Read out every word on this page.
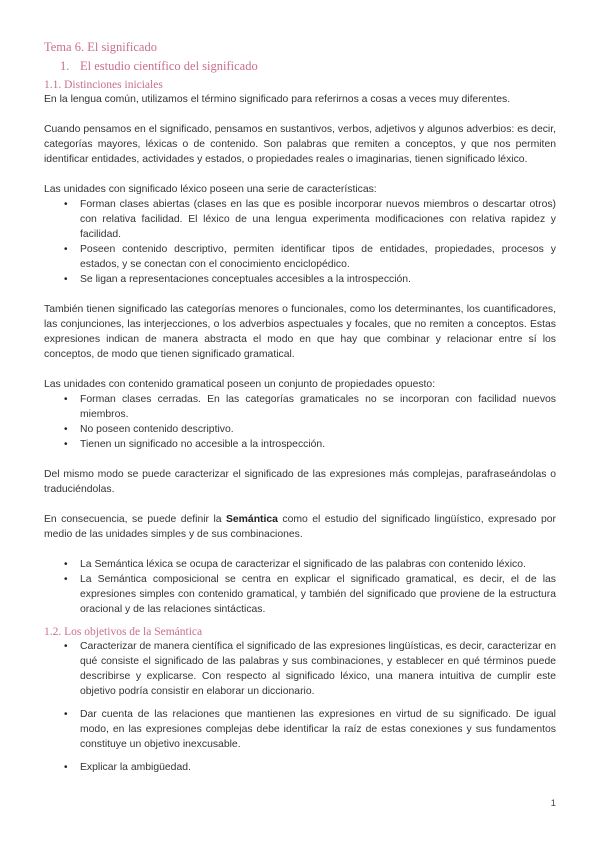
Tema 6. El significado
1. El estudio científico del significado
1.1. Distinciones iniciales

En la lengua común, utilizamos el término significado para referirnos a cosas a veces muy diferentes.

Cuando pensamos en el significado, pensamos en sustantivos, verbos, adjetivos y algunos adverbios: es decir, categorías mayores, léxicas o de contenido. Son palabras que remiten a conceptos, y que nos permiten identificar entidades, actividades y estados, o propiedades reales o imaginarias, tienen significado léxico.

Las unidades con significado léxico poseen una serie de características:

• Forman clases abiertas (clases en las que es posible incorporar nuevos miembros o descartar otros) con relativa facilidad. El léxico de una lengua experimenta modificaciones con relativa rapidez y facilidad.
• Poseen contenido descriptivo, permiten identificar tipos de entidades, propiedades, procesos y estados, y se conectan con el conocimiento enciclopédico.
• Se ligan a representaciones conceptuales accesibles a la introspección.

También tienen significado las categorías menores o funcionales, como los determinantes, los cuantificadores, las conjunciones, las interjecciones, o los adverbios aspectuales y focales, que no remiten a conceptos. Estas expresiones indican de manera abstracta el modo en que hay que combinar y relacionar entre sí los conceptos, de modo que tienen significado gramatical.

Las unidades con contenido gramatical poseen un conjunto de propiedades opuesto:

• Forman clases cerradas. En las categorías gramaticales no se incorporan con facilidad nuevos miembros.
• No poseen contenido descriptivo.
• Tienen un significado no accesible a la introspección.

Del mismo modo se puede caracterizar el significado de las expresiones más complejas, parafraseándolas o traduciéndolas.

En consecuencia, se puede definir la Semántica como el estudio del significado lingüístico, expresado por medio de las unidades simples y de sus combinaciones.

• La Semántica léxica se ocupa de caracterizar el significado de las palabras con contenido léxico.
• La Semántica composicional se centra en explicar el significado gramatical, es decir, el de las expresiones simples con contenido gramatical, y también del significado que proviene de la estructura oracional y de las relaciones sintácticas.
1.2. Los objetivos de la Semántica
• Caracterizar de manera científica el significado de las expresiones lingüísticas, es decir, caracterizar en qué consiste el significado de las palabras y sus combinaciones, y establecer en qué términos puede describirse y explicarse. Con respecto al significado léxico, una manera intuitiva de cumplir este objetivo podría consistir en elaborar un diccionario.
• Dar cuenta de las relaciones que mantienen las expresiones en virtud de su significado. De igual modo, en las expresiones complejas debe identificar la raíz de estas conexiones y sus fundamentos constituye un objetivo inexcusable.
• Explicar la ambigüedad.
1
